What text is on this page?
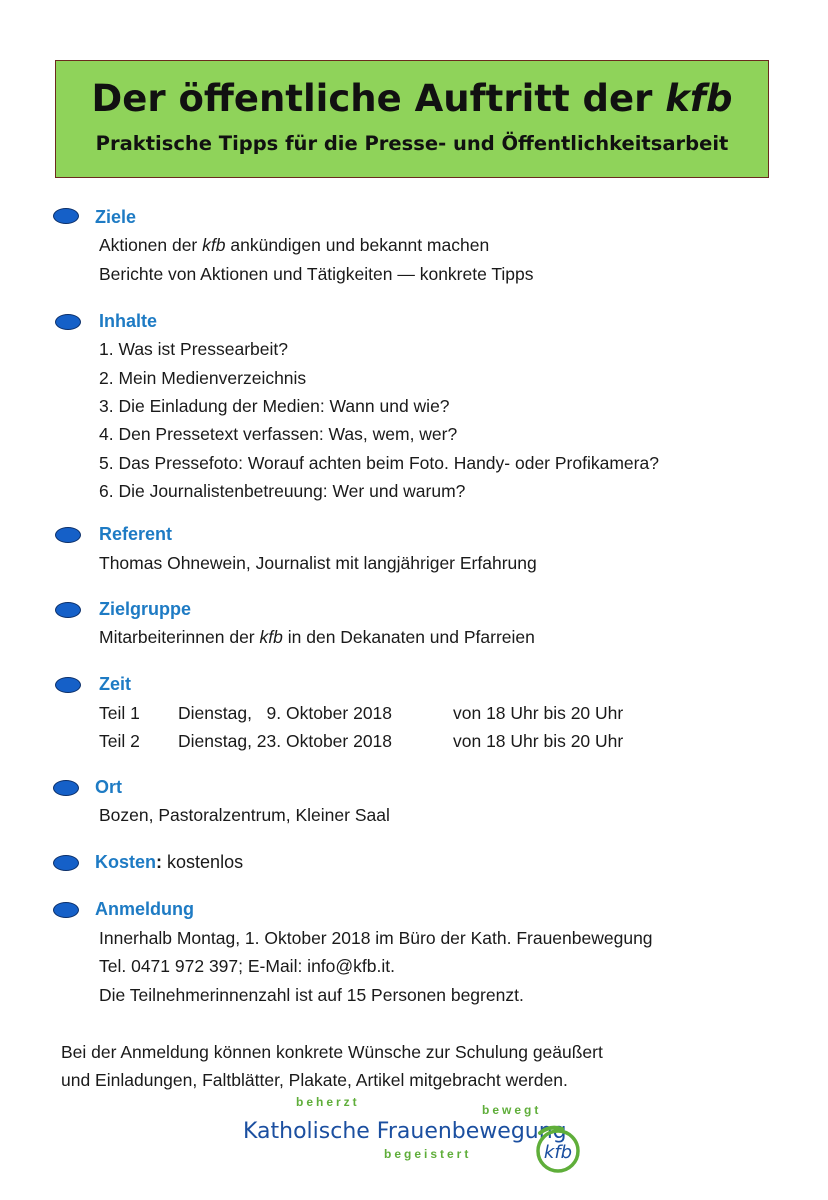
Der öffentliche Auftritt der kfb
Praktische Tipps für die Presse- und Öffentlichkeitsarbeit
Ziele
Aktionen der kfb ankündigen und bekannt machen
Berichte von Aktionen und Tätigkeiten — konkrete Tipps
Inhalte
1. Was ist Pressearbeit?
2. Mein Medienverzeichnis
3. Die Einladung der Medien: Wann und wie?
4. Den Pressetext verfassen: Was, wem, wer?
5. Das Pressefoto: Worauf achten beim Foto. Handy- oder Profikamera?
6. Die Journalistenbetreuung: Wer und warum?
Referent
Thomas Ohnewein, Journalist mit langjähriger Erfahrung
Zielgruppe
Mitarbeiterinnen der kfb in den Dekanaten und Pfarreien
Zeit
Teil 1 Dienstag,   9. Oktober 2018	von 18 Uhr bis 20 Uhr
Teil 2 Dienstag, 23. Oktober 2018	von 18 Uhr bis 20 Uhr
Ort
Bozen, Pastoralzentrum, Kleiner Saal
Kosten: kostenlos
Anmeldung
Innerhalb Montag, 1. Oktober 2018 im Büro der Kath. Frauenbewegung
Tel. 0471 972 397; E-Mail: info@kfb.it.
Die Teilnehmerinnenzahl ist auf 15 Personen begrenzt.
Bei der Anmeldung können konkrete Wünsche zur Schulung geäußert
und Einladungen, Faltblätter, Plakate, Artikel mitgebracht werden.
beherzt
bewegt
Katholische Frauenbewegung
begeistert	kfb
